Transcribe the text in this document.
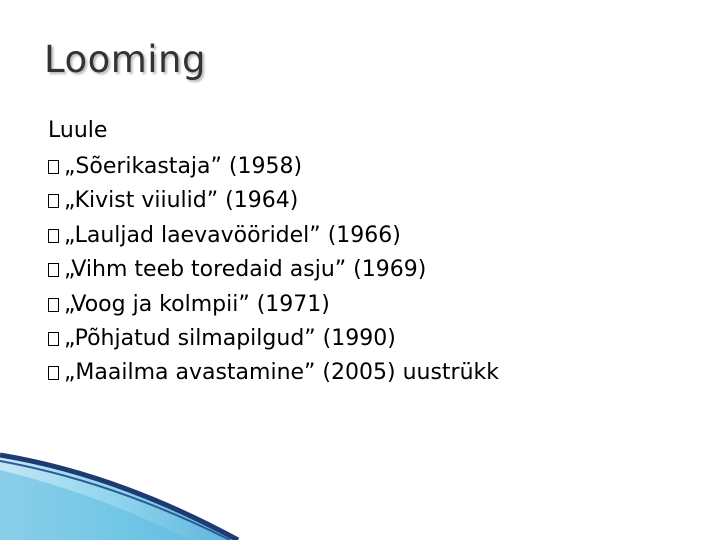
Looming
Luule
„Sõerikastaja” (1958)
„Kivist viiulid” (1964)
„Lauljad laevavööridel” (1966)
„Vihm teeb toredaid asju” (1969)
„Voog ja kolmpii” (1971)
„Põhjatud silmapilgud” (1990)
„Maailma avastamine” (2005) uustrükk
